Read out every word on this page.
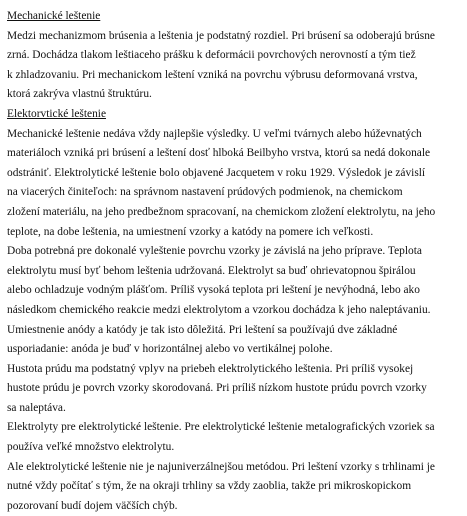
Mechanické leštenie

Medzi mechanizmom brúsenia a leštenia je podstatný rozdiel. Pri brúsení sa odoberajú brúsne

zrná. Dochádza tlakom leštiaceho prášku k deformácii povrchových nerovností a tým tiež

k zhladzovaniu. Pri mechanickom leštení vzniká na povrchu výbrusu deformovaná vrstva,

ktorá zakrýva vlastnú štruktúru.

Elektorvtické leštenie

Mechanické leštenie nedáva vždy najlepšie výsledky. U veľmi tvárnych alebo húževnatých

materiáloch vzniká pri brúsení a leštení dosť hlboká Beilbyho vrstva, ktorú sa nedá dokonale

odstrániť. Elektrolytické leštenie bolo objavené Jacquetem v roku 1929. Výsledok je závislí

na viacerých činiteľoch: na správnom nastavení prúdových podmienok, na chemickom

zložení materiálu, na jeho predbežnom spracovaní, na chemickom zložení elektrolytu, na jeho

teplote, na dobe leštenia, na umiestnení vzorky a katódy na pomere ich veľkosti.

Doba potrebná pre dokonalé vyleštenie povrchu vzorky je závislá na jeho príprave. Teplota

elektrolytu musí byť behom leštenia udržovaná. Elektrolyt sa buď ohrievatopnou špirálou

alebo ochladzuje vodným plášťom. Príliš vysoká teplota pri leštení je nevýhodná, lebo ako

následkom chemického reakcie medzi elektrolytom a vzorkou dochádza k jeho naleptávaniu.

Umiestnenie anódy a katódy je tak isto dôležitá. Pri leštení sa používajú dve základné

usporiadanie: anóda je buď v horizontálnej alebo vo vertikálnej polohe.

Hustota prúdu ma podstatný vplyv na priebeh elektrolytického leštenia. Pri príliš vysokej

hustote prúdu je povrch vzorky skorodovaná. Pri príliš nízkom hustote prúdu povrch vzorky

sa naleptáva.

Elektrolyty pre elektrolytické leštenie. Pre elektrolytické leštenie metalografických vzoriek sa

používa veľké množstvo elektrolytu.

Ale elektrolytické leštenie nie je najuniverzálnejšou metódou. Pri leštení vzorky s trhlinami je

nutné vždy počítať s tým, že na okraji trhliny sa vždy zaoblia, takže pri mikroskopickom

pozorovaní budí dojem väčších chýb.
